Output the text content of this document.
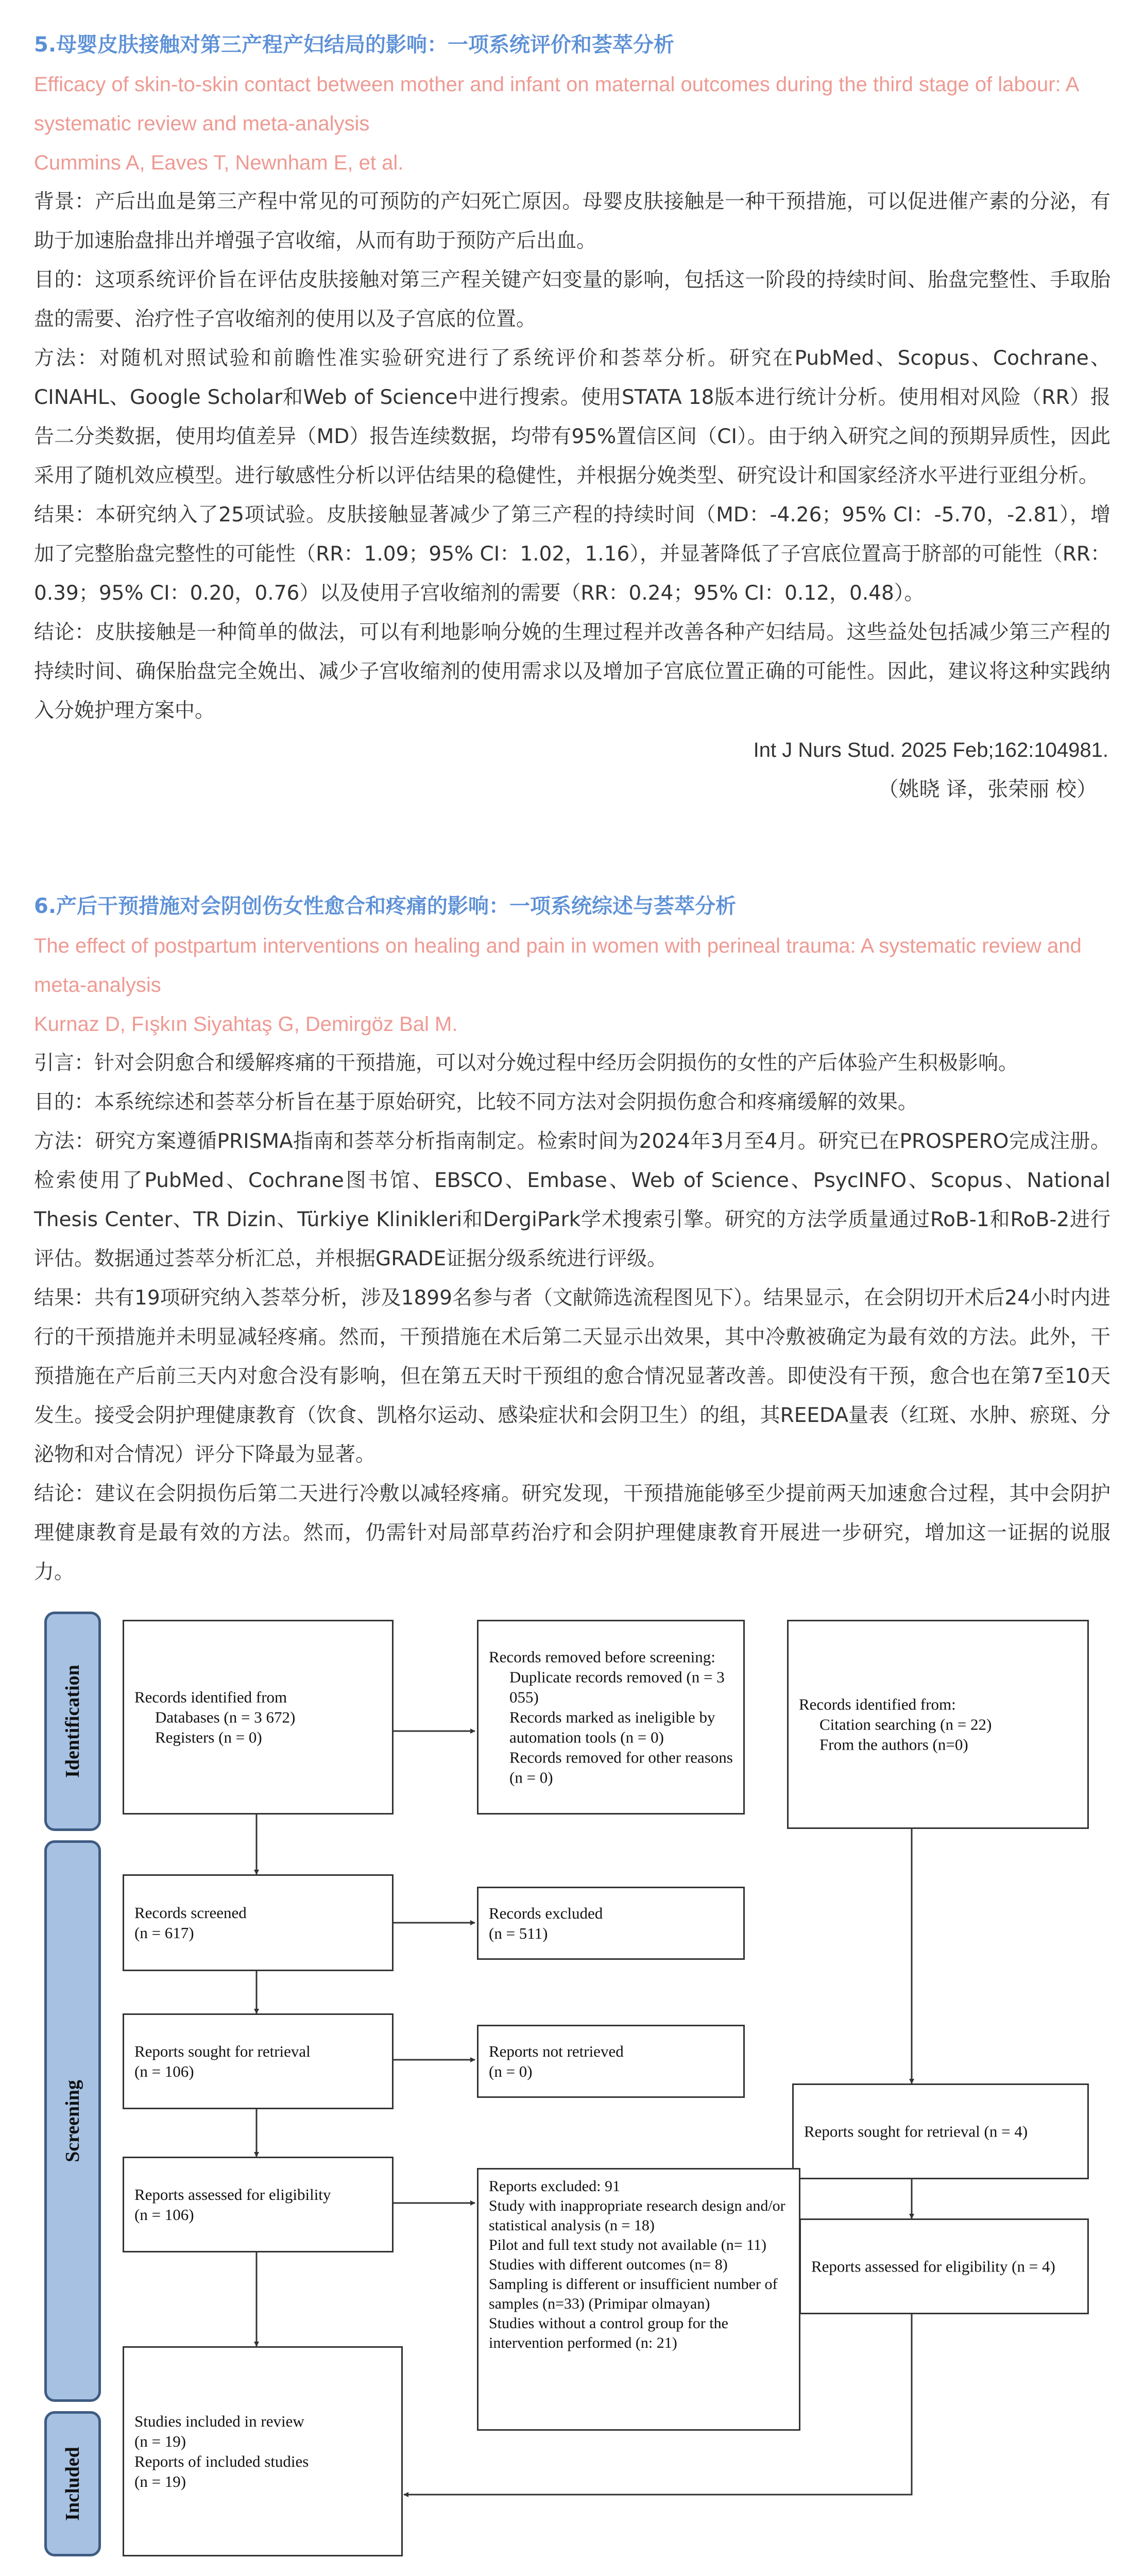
5.母婴皮肤接触对第三产程产妇结局的影响：一项系统评价和荟萃分析

Efficacy of skin-to-skin contact between mother and infant on maternal outcomes during the third stage of labour: A systematic review and meta-analysis

Cummins A, Eaves T, Newnham E, et al.

背景：产后出血是第三产程中常见的可预防的产妇死亡原因。母婴皮肤接触是一种干预措施，可以促进催产素的分泌，有助于加速胎盘排出并增强子宫收缩，从而有助于预防产后出血。

目的：这项系统评价旨在评估皮肤接触对第三产程关键产妇变量的影响，包括这一阶段的持续时间、胎盘完整性、手取胎盘的需要、治疗性子宫收缩剂的使用以及子宫底的位置。

方法：对随机对照试验和前瞻性准实验研究进行了系统评价和荟萃分析。研究在PubMed、Scopus、Cochrane、CINAHL、Google Scholar和Web of Science中进行搜索。使用STATA 18版本进行统计分析。使用相对风险（RR）报告二分类数据，使用均值差异（MD）报告连续数据，均带有95%置信区间（CI）。由于纳入研究之间的预期异质性，因此采用了随机效应模型。进行敏感性分析以评估结果的稳健性，并根据分娩类型、研究设计和国家经济水平进行亚组分析。

结果：本研究纳入了25项试验。皮肤接触显著减少了第三产程的持续时间（MD：-4.26；95% CI：-5.70，-2.81），增加了完整胎盘完整性的可能性（RR：1.09；95% CI：1.02，1.16），并显著降低了子宫底位置高于脐部的可能性（RR：0.39；95% CI：0.20，0.76）以及使用子宫收缩剂的需要（RR：0.24；95% CI：0.12，0.48）。

结论：皮肤接触是一种简单的做法，可以有利地影响分娩的生理过程并改善各种产妇结局。这些益处包括减少第三产程的持续时间、确保胎盘完全娩出、减少子宫收缩剂的使用需求以及增加子宫底位置正确的可能性。因此，建议将这种实践纳入分娩护理方案中。

Int J Nurs Stud. 2025 Feb;162:104981.

（姚晓 译，张荣丽 校）

6.产后干预措施对会阴创伤女性愈合和疼痛的影响：一项系统综述与荟萃分析

The effect of postpartum interventions on healing and pain in women with perineal trauma: A systematic review and meta-analysis

Kurnaz D, Fışkın Siyahtaş G, Demirgöz Bal M.

引言：针对会阴愈合和缓解疼痛的干预措施，可以对分娩过程中经历会阴损伤的女性的产后体验产生积极影响。

目的：本系统综述和荟萃分析旨在基于原始研究，比较不同方法对会阴损伤愈合和疼痛缓解的效果。

方法：研究方案遵循PRISMA指南和荟萃分析指南制定。检索时间为2024年3月至4月。研究已在PROSPERO完成注册。检索使用了PubMed、Cochrane图书馆、EBSCO、Embase、Web of Science、PsycINFO、Scopus、National Thesis Center、TR Dizin、Türkiye Klinikleri和DergiPark学术搜索引擎。研究的方法学质量通过RoB-1和RoB-2进行评估。数据通过荟萃分析汇总，并根据GRADE证据分级系统进行评级。

结果：共有19项研究纳入荟萃分析，涉及1899名参与者（文献筛选流程图见下）。结果显示，在会阴切开术后24小时内进行的干预措施并未明显减轻疼痛。然而，干预措施在术后第二天显示出效果，其中冷敷被确定为最有效的方法。此外，干预措施在产后前三天内对愈合没有影响，但在第五天时干预组的愈合情况显著改善。即使没有干预，愈合也在第7至10天发生。接受会阴护理健康教育（饮食、凯格尔运动、感染症状和会阴卫生）的组，其REEDA量表（红斑、水肿、瘀斑、分泌物和对合情况）评分下降最为显著。

结论：建议在会阴损伤后第二天进行冷敷以减轻疼痛。研究发现，干预措施能够至少提前两天加速愈合过程，其中会阴护理健康教育是最有效的方法。然而，仍需针对局部草药治疗和会阴护理健康教育开展进一步研究，增加这一证据的说服力。

Identification
Screening
Included
Records identified from
Databases (n = 3 672)
Registers (n = 0)
Records removed before screening:
Duplicate records removed (n = 3 055)
Records marked as ineligible by automation tools (n = 0)
Records removed for other reasons (n = 0)
Records identified from:
Citation searching (n = 22)
From the authors (n=0)
Records screened
(n = 617)
Records excluded
(n = 511)
Reports sought for retrieval
(n = 106)
Reports not retrieved
(n = 0)
Reports sought for retrieval (n = 4)
Reports assessed for eligibility
(n = 106)
Reports excluded: 91
Study with inappropriate research design and/or statistical analysis (n = 18)
Pilot and full text study not available (n= 11)
Studies with different outcomes (n= 8)
Sampling is different or insufficient number of samples (n=33) (Primipar olmayan)
Studies without a control group for the intervention performed (n: 21)
Reports assessed for eligibility (n = 4)
Studies included in review
(n = 19)
Reports of included studies
(n = 19)
